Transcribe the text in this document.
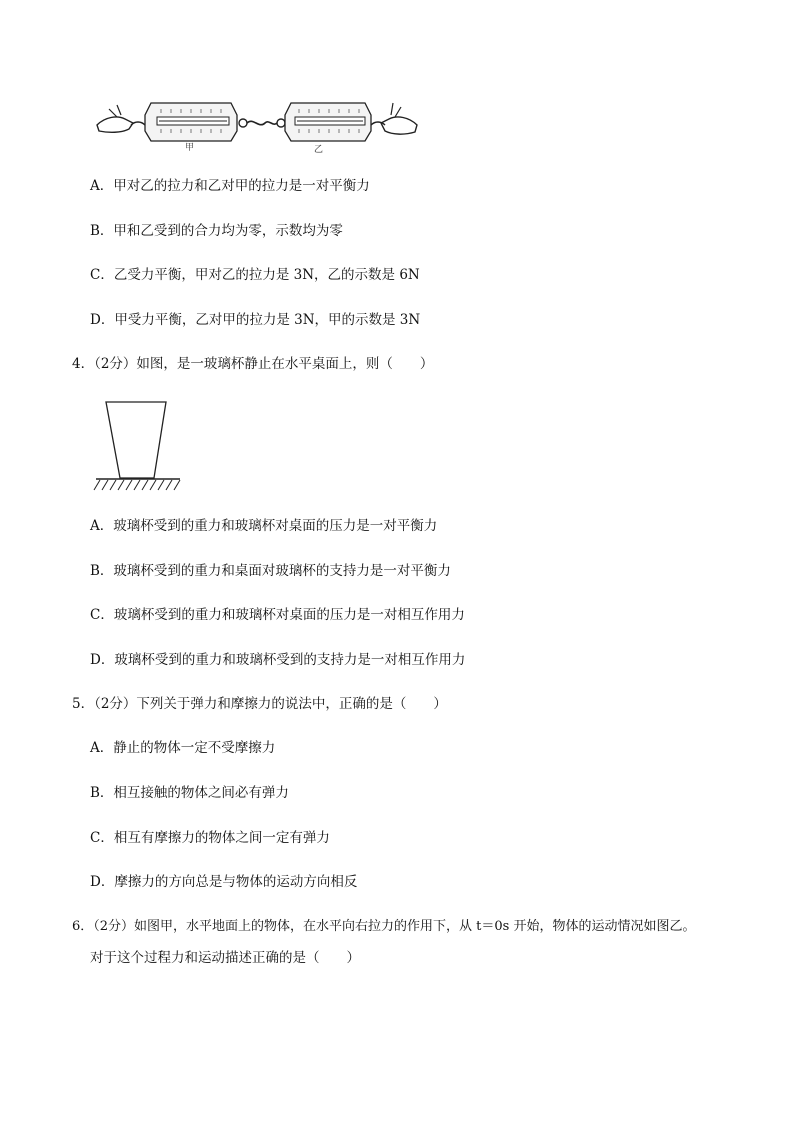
甲	乙
A．甲对乙的拉力和乙对甲的拉力是一对平衡力
B．甲和乙受到的合力均为零，示数均为零
C．乙受力平衡，甲对乙的拉力是 3N，乙的示数是 6N
D．甲受力平衡，乙对甲的拉力是 3N，甲的示数是 3N
4．（2分）如图，是一玻璃杯静止在水平桌面上，则（　　）
A．玻璃杯受到的重力和玻璃杯对桌面的压力是一对平衡力
B．玻璃杯受到的重力和桌面对玻璃杯的支持力是一对平衡力
C．玻璃杯受到的重力和玻璃杯对桌面的压力是一对相互作用力
D．玻璃杯受到的重力和玻璃杯受到的支持力是一对相互作用力
5．（2分）下列关于弹力和摩擦力的说法中，正确的是（　　）
A．静止的物体一定不受摩擦力
B．相互接触的物体之间必有弹力
C．相互有摩擦力的物体之间一定有弹力
D．摩擦力的方向总是与物体的运动方向相反
6．（2分）如图甲，水平地面上的物体，在水平向右拉力的作用下，从 t＝0s 开始，物体的运动情况如图乙。
对于这个过程力和运动描述正确的是（　　）
